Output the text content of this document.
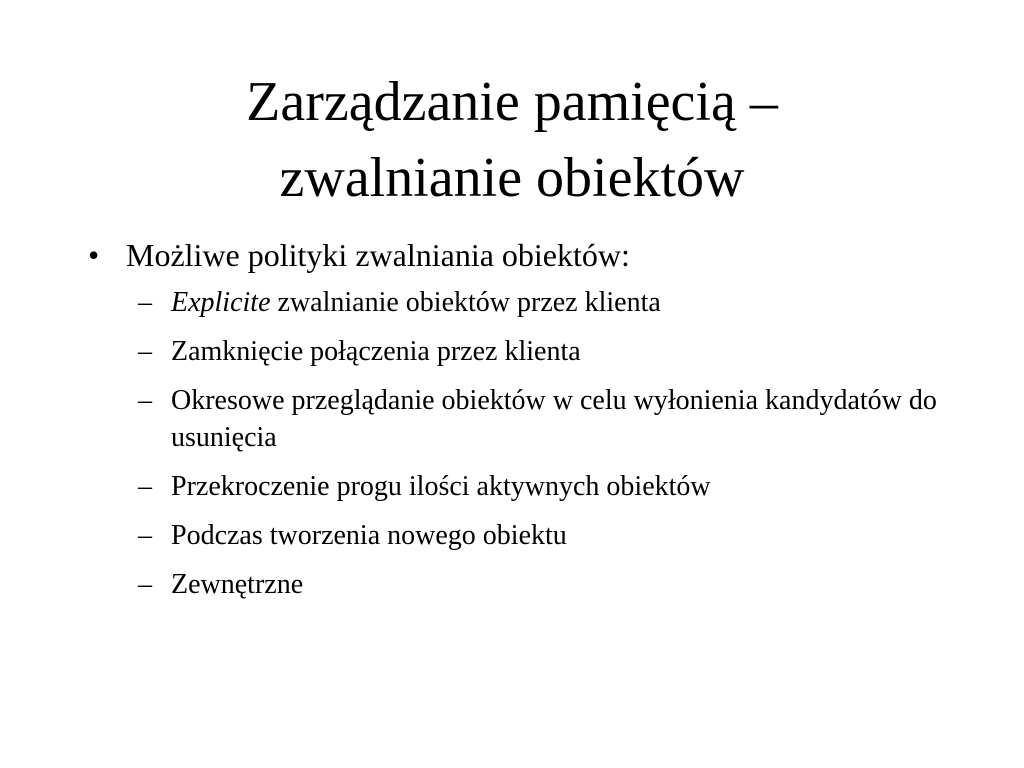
Zarządzanie pamięcią –
zwalnianie obiektów
• Możliwe polityki zwalniania obiektów:
– Explicite zwalnianie obiektów przez klienta
– Zamknięcie połączenia przez klienta
– Okresowe przeglądanie obiektów w celu wyłonienia kandydatów do usunięcia
– Przekroczenie progu ilości aktywnych obiektów
– Podczas tworzenia nowego obiektu
– Zewnętrzne
